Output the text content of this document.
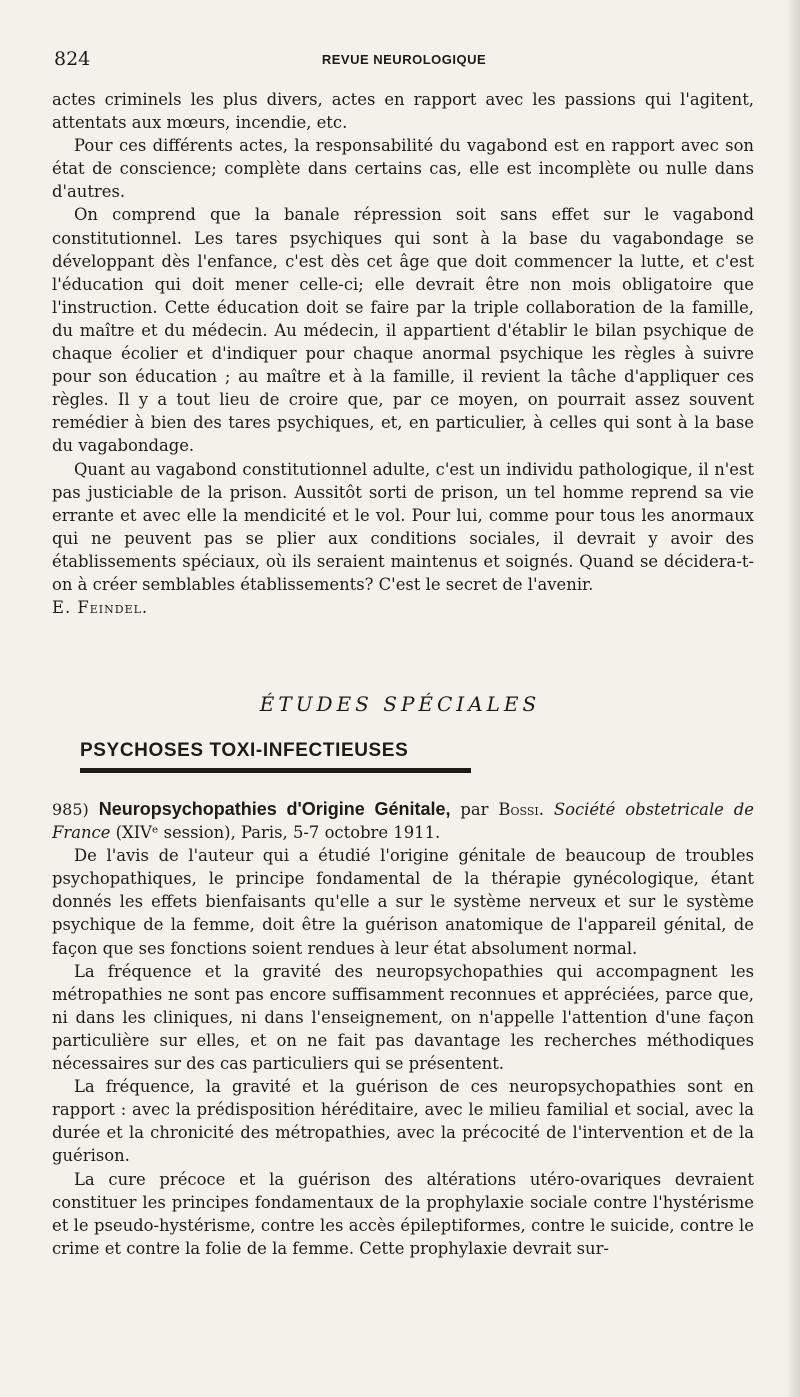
824	REVUE NEUROLOGIQUE

actes criminels les plus divers, actes en rapport avec les passions qui l'agitent, attentats aux mœurs, incendie, etc.

Pour ces différents actes, la responsabilité du vagabond est en rapport avec son état de conscience; complète dans certains cas, elle est incomplète ou nulle dans d'autres.

On comprend que la banale répression soit sans effet sur le vagabond constitutionnel. Les tares psychiques qui sont à la base du vagabondage se développant dès l'enfance, c'est dès cet âge que doit commencer la lutte, et c'est l'éducation qui doit mener celle-ci; elle devrait être non mois obligatoire que l'instruction. Cette éducation doit se faire par la triple collaboration de la famille, du maître et du médecin. Au médecin, il appartient d'établir le bilan psychique de chaque écolier et d'indiquer pour chaque anormal psychique les règles à suivre pour son éducation ; au maître et à la famille, il revient la tâche d'appliquer ces règles. Il y a tout lieu de croire que, par ce moyen, on pourrait assez souvent remédier à bien des tares psychiques, et, en particulier, à celles qui sont à la base du vagabondage.

Quant au vagabond constitutionnel adulte, c'est un individu pathologique, il n'est pas justiciable de la prison. Aussitôt sorti de prison, un tel homme reprend sa vie errante et avec elle la mendicité et le vol. Pour lui, comme pour tous les anormaux qui ne peuvent pas se plier aux conditions sociales, il devrait y avoir des établissements spéciaux, où ils seraient maintenus et soignés. Quand se décidera-t-on à créer semblables établissements? C'est le secret de l'avenir.

E. Feindel.

ÉTUDES SPÉCIALES
PSYCHOSES TOXI-INFECTIEUSES

985) Neuropsychopathies d'Origine Génitale, par Bossi. Société obstetricale de France (XIVᵉ session), Paris, 5-7 octobre 1911.

De l'avis de l'auteur qui a étudié l'origine génitale de beaucoup de troubles psychopathiques, le principe fondamental de la thérapie gynécologique, étant donnés les effets bienfaisants qu'elle a sur le système nerveux et sur le système psychique de la femme, doit être la guérison anatomique de l'appareil génital, de façon que ses fonctions soient rendues à leur état absolument normal.

La fréquence et la gravité des neuropsychopathies qui accompagnent les métropathies ne sont pas encore suffisamment reconnues et appréciées, parce que, ni dans les cliniques, ni dans l'enseignement, on n'appelle l'attention d'une façon particulière sur elles, et on ne fait pas davantage les recherches méthodiques nécessaires sur des cas particuliers qui se présentent.

La fréquence, la gravité et la guérison de ces neuropsychopathies sont en rapport : avec la prédisposition héréditaire, avec le milieu familial et social, avec la durée et la chronicité des métropathies, avec la précocité de l'intervention et de la guérison.

La cure précoce et la guérison des altérations utéro-ovariques devraient constituer les principes fondamentaux de la prophylaxie sociale contre l'hystérisme et le pseudo-hystérisme, contre les accès épileptiformes, contre le suicide, contre le crime et contre la folie de la femme. Cette prophylaxie devrait sur-
